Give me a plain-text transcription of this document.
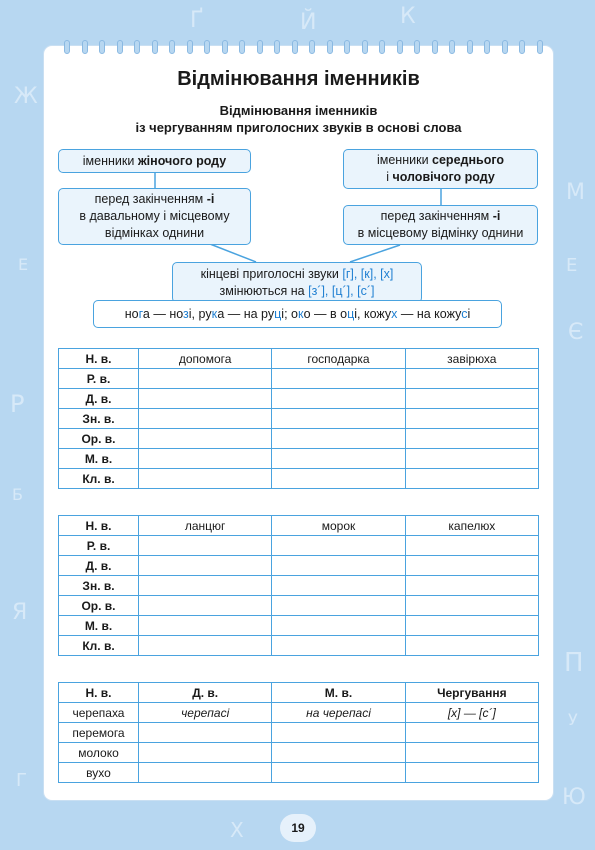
Ж
Е
Р
Б
Я
Г
М
Е
Є
П
У
Ю
Ґ	Й	К
Х
Відмінювання іменників
Відмінювання іменників
із чергуванням приголосних звуків в основі слова
іменники жіночого роду	іменники середнього
і чоловічого роду
перед закінченням -і
в давальному і місцевому
відмінках однини
перед закінченням -і
в місцевому відмінку однини
кінцеві приголосні звуки [г], [к], [х]
змінюються на [з´], [ц´], [с´]
нога — нозі, рука — на руці; око — в оці, кожух — на кожусі
Н. в.	допомога	господарка	завірюха
Р. в.			
Д. в.			
Зн. в.			
Ор. в.			
М. в.			
Кл. в.			
Н. в.	ланцюг	морок	капелюх
Р. в.			
Д. в.			
Зн. в.			
Ор. в.			
М. в.			
Кл. в.			
Н. в.	Д. в.	М. в.	Чергування
черепаха	черепасі	на черепасі	[х] — [с´]
перемога			
молоко			
вухо			
19
